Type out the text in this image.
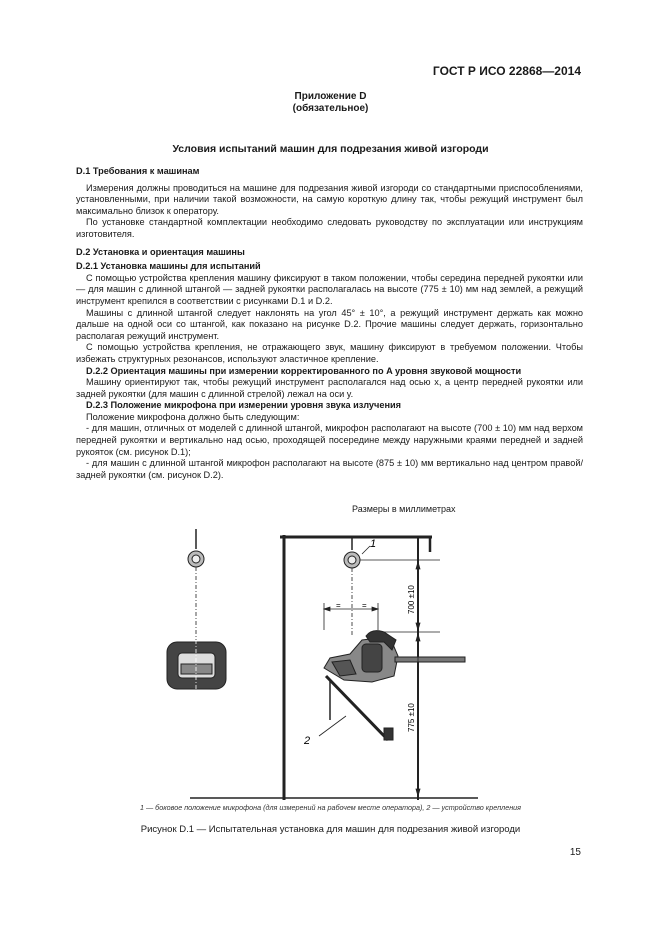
ГОСТ Р ИСО 22868—2014
Приложение D
(обязательное)
Условия испытаний машин для подрезания живой изгороди

D.1 Требования к машинам

Измерения должны проводиться на машине для подрезания живой изгороди со стандартными приспособлениями, установленными, при наличии такой возможности, на самую короткую длину так, чтобы режущий инструмент был максимально близок к оператору.

По установке стандартной комплектации необходимо следовать руководству по эксплуатации или инструкциям изготовителя.

D.2 Установка и ориентация машины

D.2.1 Установка машины для испытаний

С помощью устройства крепления машину фиксируют в таком положении, чтобы середина передней рукоятки или — для машин с длинной штангой — задней рукоятки располагалась на высоте (775 ± 10) мм над землей, а режущий инструмент крепился в соответствии с рисунками D.1 и D.2.

Машины с длинной штангой следует наклонять на угол 45° ± 10°, а режущий инструмент держать как можно дальше на одной оси со штангой, как показано на рисунке D.2. Прочие машины следует держать, горизонтально располагая режущий инструмент.

С помощью устройства крепления, не отражающего звук, машину фиксируют в требуемом положении. Чтобы избежать структурных резонансов, используют эластичное крепление.

D.2.2 Ориентация машины при измерении корректированного по A уровня звуковой мощности

Машину ориентируют так, чтобы режущий инструмент располагался над осью x, а центр передней рукоятки или задней рукоятки (для машин с длинной стрелой) лежал на оси y.

D.2.3 Положение микрофона при измерении уровня звука излучения

Положение микрофона должно быть следующим:

- для машин, отличных от моделей с длинной штангой, микрофон располагают на высоте (700 ± 10) мм над верхом передней рукоятки и вертикально над осью, проходящей посередине между наружными краями передней и задней рукояток (см. рисунок D.1);

- для машин с длинной штангой микрофон располагают на высоте (875 ± 10) мм вертикально над центром правой/задней рукоятки (см. рисунок D.2).

Размеры в миллиметрах
1
=	=
2
700 ±10
775 ±10
1 — боковое положение микрофона (для измерений на рабочем месте оператора), 2 — устройство крепления
Рисунок D.1 — Испытательная установка для машин для подрезания живой изгороди
15
